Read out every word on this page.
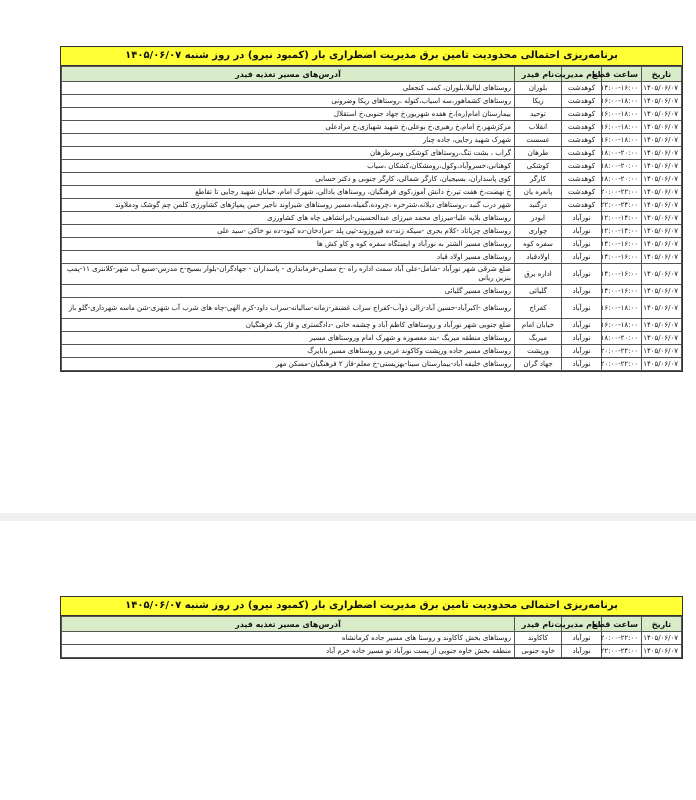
برنامه‌ریزی احتمالی محدودیت تامین برق مدیریت اضطراری بار (کمبود نیرو) در روز شنبه ۱۴۰۵/۰۶/۰۷
تاریخ	ساعت قطع	نام مدیریت	نام فیدر	آدرس‌های مسیر تغذیه فیدر
۱۴۰۵/۰۶/۰۷	۱۴:۰۰-۱۶:۰۰	کوهدشت	بلوران	روستاهای لیالیلا،بلوران، کمب کنجعلی
۱۴۰۵/۰۶/۰۷	۱۶:۰۰-۱۸:۰۰	کوهدشت	ریکا	روستاهای کشماهور،سه اسیاب،کتوله ،روستاهای ریکا وضرونی
۱۴۰۵/۰۶/۰۷	۱۶:۰۰-۱۸:۰۰	کوهدشت	توحید	بیمارستان امام(ره)،خ هفده شهریور،خ جهاد جنوبی،خ استقلال
۱۴۰۵/۰۶/۰۷	۱۶:۰۰-۱۸:۰۰	کوهدشت	انقلاب	مرکزشهر،خ امام،خ رهبری،خ بوعلی،خ شهید شهبازی،خ مرادعلی
۱۴۰۵/۰۶/۰۷	۱۶:۰۰-۱۸:۰۰	کوهدشت	عسست	شهرک شهید رجایی، جاده چنار
۱۴۰۵/۰۶/۰۷	۱۸:۰۰-۲۰:۰۰	کوهدشت	طرهان	گراب ، بشت تنگ،روستاهای کوشکی وسرطرهان
۱۴۰۵/۰۶/۰۷	۱۸:۰۰-۲۰:۰۰	کوهدشت	کوشکی	کوهنانی،خسروآباد،وکول،رومشکان،کشکان ،سیاب
۱۴۰۵/۰۶/۰۷	۱۸:۰۰-۲۰:۰۰	کوهدشت	کارگر	کوی پاسداران، بسیجیان، کارگر شمالی، کارگر جنوبی و دکتر حسابی
۱۴۰۵/۰۶/۰۷	۲۰:۰۰-۲۲:۰۰	کوهدشت	پانعره یان	خ نهضت،خ هفت تیر،خ دانش آموز،کوی فرهنگیان، روستاهای بادالی، شهرک امام، خیابان شهید رجایی تا تقاطع
۱۴۰۵/۰۶/۰۷	۲۲:۰۰-۲۴:۰۰	کوهدشت	درگنبد	شهر درب گنبد ،روستاهای دیلانه،شترخره ،چروده،گمیله،مسیر روستاهای شیراوند ناجیر حس پمپاژهای کشاورزی کلمن چم گوشک ودملاوند
۱۴۰۵/۰۶/۰۷	۱۲:۰۰-۱۴:۰۰	نورآباد	ابودر	روستاهای بلایه علیا-میرزای محمد میرزای عبدالحسینی-ایرانشاهی چاه های کشاورزی
۱۴۰۵/۰۶/۰۷	۱۲:۰۰-۱۴:۰۰	نورآباد	چواری	روستاهای چزیاتاد -کلام بحری -سیکه زند-ده فیروزوند-تپی پلد -مرادخان-ده کیود-ده نو خاکی -سید علی
۱۴۰۵/۰۶/۰۷	۱۴:۰۰-۱۶:۰۰	نورآباد	سفره کوه	روستاهای مسیر الشتر به نورآباد و ایستگاه سفره کوه و کاو کش ها
۱۴۰۵/۰۶/۰۷	۱۴:۰۰-۱۶:۰۰	نورآباد	اولادقباد	روستاهای مسیر اولاد قباد
۱۴۰۵/۰۶/۰۷	۱۴:۰۰-۱۶:۰۰	نورآباد	اداره برق	ضلع شرقی شهر نورآباد -شامل-علی آباد سمت اداره راه -خ مصلی-فرمانداری - پاسداران - جهادگران-بلوار بسیج-خ مدرس-صنیع آب شهر-کلانتری ۱۱-پمپ بنزین ریانی
۱۴۰۵/۰۶/۰۷	۱۴:۰۰-۱۶:۰۰	نورآباد	گلیائی	روستاهای مسیر گلیائی
۱۴۰۵/۰۶/۰۷	۱۶:۰۰-۱۸:۰۰	نورآباد	کفراج	روستاهای -اکبرآباد-حسین آباد-زالی ذوآب-کفراج سراب غضنفر-زمانه-سالیانه-سراب داود-کرم الهی-چاه های شرب آب شهری-شن ماسه شهرداری-گلو باز
۱۴۰۵/۰۶/۰۷	۱۶:۰۰-۱۸:۰۰	نورآباد	خیابان امام	ضلع جنوبی شهر نورآباد و روستاهای کاظم آباد و چشمه خانی -دادگستری و فاز یک فرهنگیان
۱۴۰۵/۰۶/۰۷	۱۸:۰۰-۲۰:۰۰	نورآباد	میربگ	روستاهای منطقه میربگ -بند معصوره و شهرک امام وروستاهای مسیر
۱۴۰۵/۰۶/۰۷	۲۰:۰۰-۲۲:۰۰	نورآباد	ورپشت	روستاهای مسیر جاده ورپشت وکاکوند غربی و روستاهای مسیر بابایرگ
۱۴۰۵/۰۶/۰۷	۲۰:۰۰-۲۲:۰۰	نورآباد	جهاد گران	روستاهای خلیفه آباد-بیمارستان سینا-بهزیستی-خ معلم-فاز ۲ فرهنگیان-مسکن مهر
برنامه‌ریزی احتمالی محدودیت تامین برق مدیریت اضطراری بار (کمبود نیرو) در روز شنبه ۱۴۰۵/۰۶/۰۷
تاریخ	ساعت قطع	نام مدیریت	نام فیدر	آدرس‌های مسیر تغذیه فیدر
۱۴۰۵/۰۶/۰۷	۲۰:۰۰-۲۲:۰۰	نورآباد	کاکاوند	روستاهای بخش کاکاوند و روستا های مسیر جاده کرمانشاه
۱۴۰۵/۰۶/۰۷	۲۲:۰۰-۲۴:۰۰	نورآباد	خاوه جنوبی	منطقه بخش خاوه جنوبی از پست نورآباد تو مسیر جاده خرم آباد
